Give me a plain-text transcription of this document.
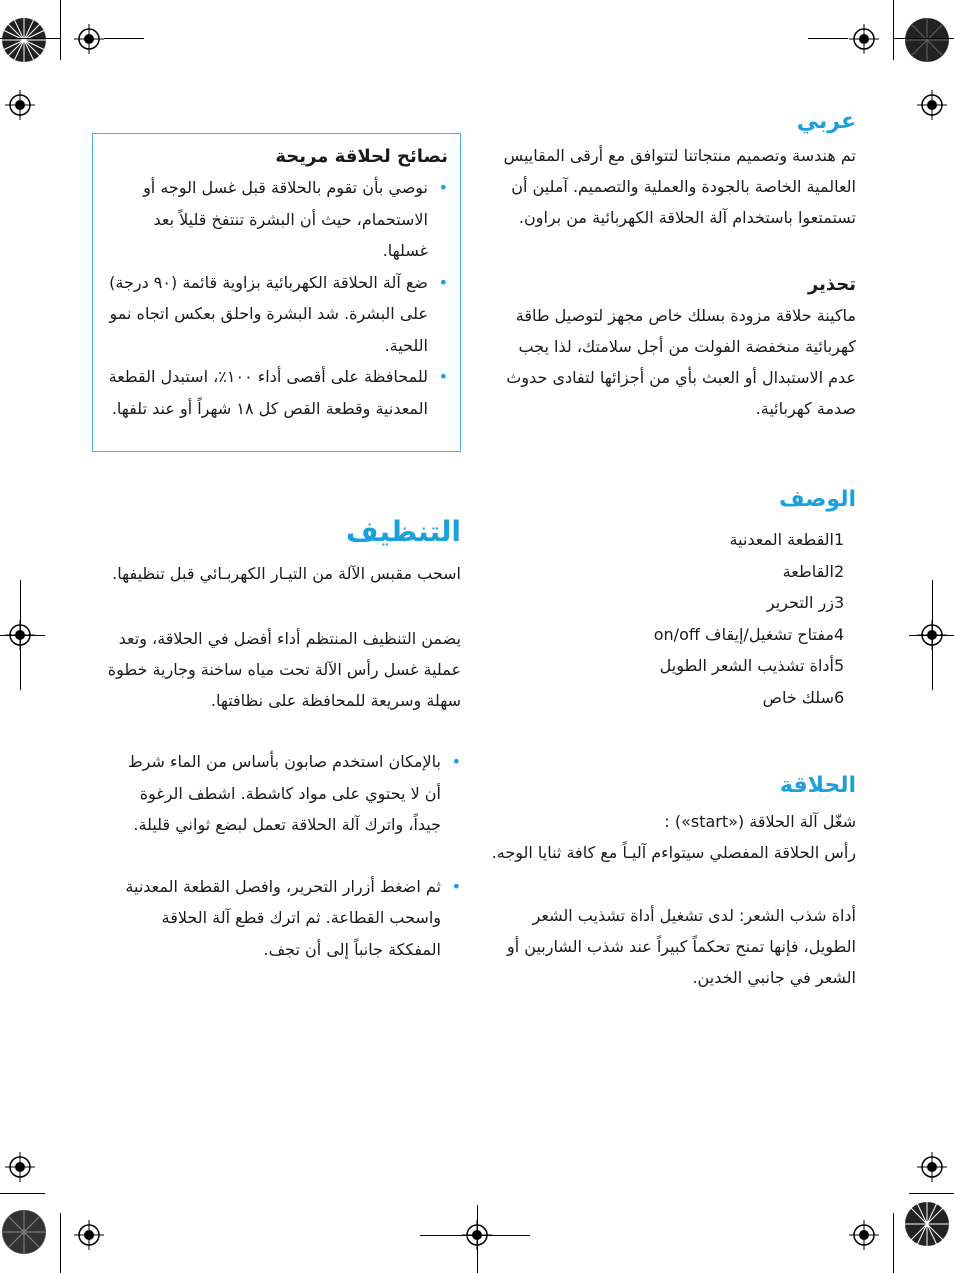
عربي

تم هندسة وتصميم منتجاتنا لتتوافق مع أرقى المقاييس العالمية الخاصة بالجودة والعملية والتصميم. آملين أن تستمتعوا باستخدام آلة الحلاقة الكهربائية من براون.

تحذير

ماكينة حلاقة مزودة بسلك خاص مجهز لتوصيل طاقة كهربائية منخفضة الفولت من أجل سلامتك، لذا يجب عدم الاستبدال أو العبث بأي من أجزائها لتفادى حدوث صدمة كهربائية.

الوصف
1القطعة المعدنية
2القاطعة
3زر التحرير
4مفتاح تشغيل/إيقاف on/off
5أداة تشذيب الشعر الطويل
6سلك خاص
الحلاقة

شغّل آلة الحلاقة («start») :

رأس الحلاقة المفصلي سيتواءم آليـاً مع كافة ثنايا الوجه.

أداة شذب الشعر: لدى تشغيل أداة تشذيب الشعر الطويل، فإنها تمنح تحكماً كبيراً عند شذب الشاربين أو الشعر في جانبي الخدين.

نصائح لحلاقة مريحة
•
نوصي بأن تقوم بالحلاقة قبل غسل الوجه أو الاستحمام، حيث أن البشرة تنتفخ قليلاً بعد غسلها.
•
ضع آلة الحلاقة الكهربائية بزاوية قائمة (٩٠ درجة) على البشرة. شد البشرة واحلق بعكس اتجاه نمو اللحية.
•
للمحافظة على أقصى أداء ١٠٠٪، استبدل القطعة المعدنية وقطعة القص كل ١٨ شهراً أو عند تلفها.
التنظيف

اسحب مقبس الآلة من التيـار الكهربـائي قبل تنظيفها.

يضمن التنظيف المنتظم أداء أفضل في الحلاقة، وتعد عملية غسل رأس الآلة تحت مياه ساخنة وجارية خطوة سهلة وسريعة للمحافظة على نظافتها.

•
بالإمكان استخدم صابون بأساس من الماء شرط أن لا يحتوي على مواد كاشطة. اشطف الرغوة جيداً، واترك آلة الحلاقة تعمل لبضع ثواني قليلة.
•
ثم اضغط أزرار التحرير، وافصل القطعة المعدنية واسحب القطاعة. ثم اترك قطع آلة الحلاقة المفككة جانباً إلى أن تجف.
